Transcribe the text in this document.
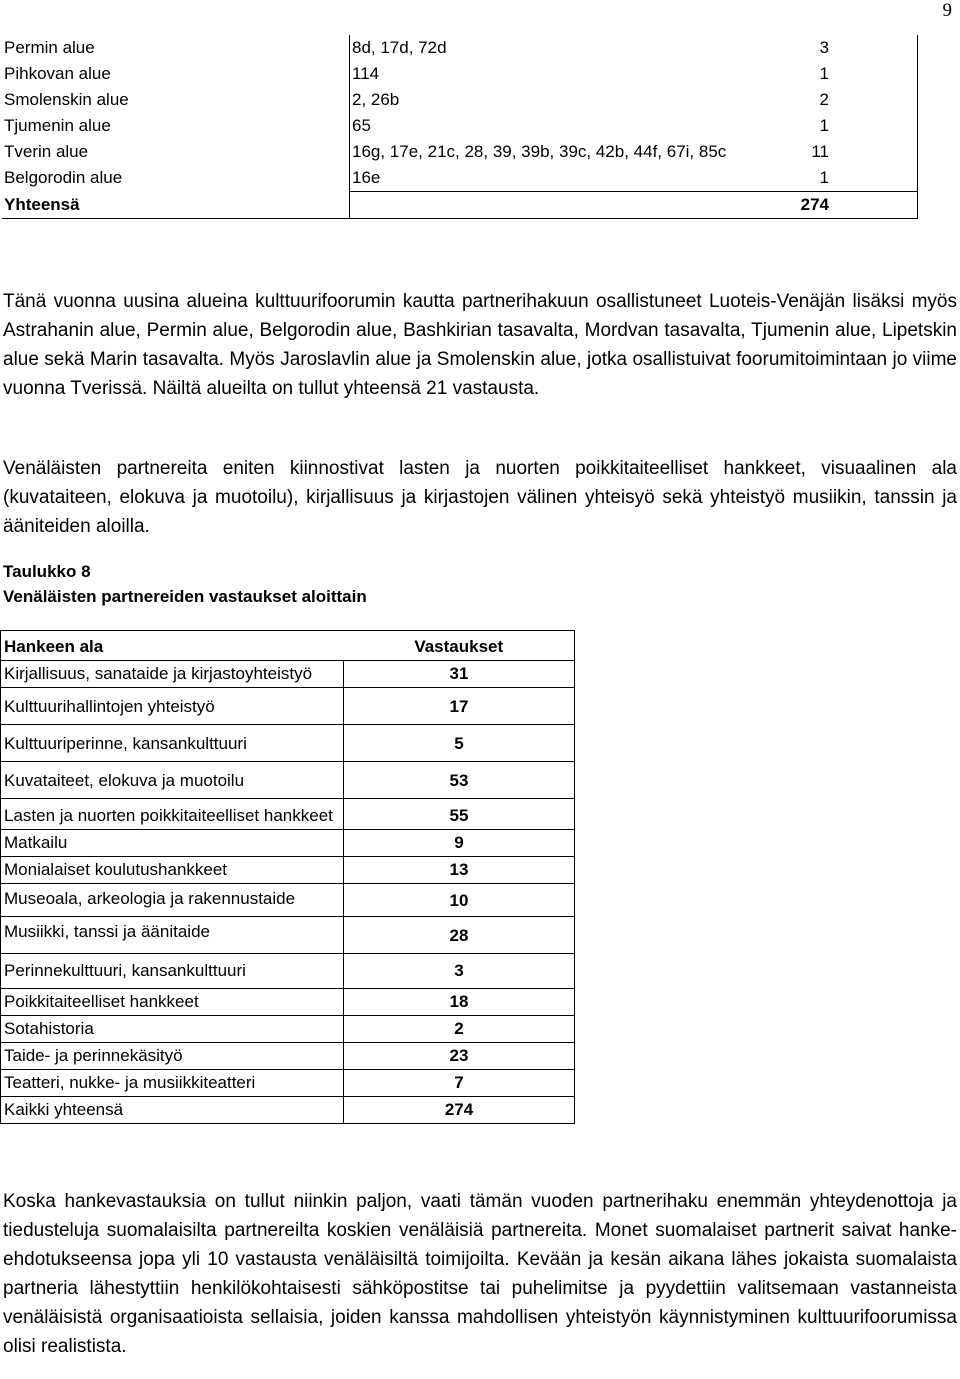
9
Permin alue	8d, 17d, 72d	3
Pihkovan alue	114	1
Smolenskin alue	2, 26b	2
Tjumenin alue	65	1
Tverin alue	16g, 17e, 21c, 28, 39, 39b, 39c, 42b, 44f, 67i, 85c	11
Belgorodin alue	16e	1
Yhteensä		274
Tänä vuonna uusina alueina kulttuurifoorumin kautta partnerihakuun osallistuneet Luoteis-Venäjän lisäksi myös Astrahanin alue, Permin alue, Belgorodin alue, Bashkirian tasavalta, Mordvan tasavalta, Tjumenin alue, Lipetskin alue sekä Marin tasavalta. Myös Jaroslavlin alue ja Smolenskin alue, jotka osallistuivat foorumitoimintaan jo viime vuonna Tverissä. Näiltä alueilta on tullut yhteensä 21 vastausta.
Venäläisten partnereita eniten kiinnostivat lasten ja nuorten poikkitaiteelliset hankkeet, visuaalinen ala (kuvataiteen, elokuva ja muotoilu), kirjallisuus ja kirjastojen välinen yhteisyö sekä yhteistyö musiikin, tanssin ja ääniteiden aloilla.
Taulukko 8
Venäläisten partnereiden vastaukset aloittain
Hankeen ala	Vastaukset
Kirjallisuus, sanataide ja kirjastoyhteistyö	31
Kulttuurihallintojen yhteistyö	17
Kulttuuriperinne, kansankulttuuri	5
Kuvataiteet, elokuva ja muotoilu	53
Lasten ja nuorten poikkitaiteelliset hankkeet	55
Matkailu	9
Monialaiset koulutushankkeet	13
Museoala, arkeologia ja rakennustaide	10
Musiikki, tanssi ja äänitaide	28
Perinnekulttuuri, kansankulttuuri	3
Poikkitaiteelliset hankkeet	18
Sotahistoria	2
Taide- ja perinnekäsityö	23
Teatteri, nukke- ja musiikkiteatteri	7
Kaikki yhteensä	274
Koska hankevastauksia on tullut niinkin paljon, vaati tämän vuoden partnerihaku enemmän yhteydenottoja ja tiedusteluja suomalaisilta partnereilta koskien venäläisiä partnereita. Monet suomalaiset partnerit saivat hanke-ehdotukseensa jopa yli 10 vastausta venäläisiltä toimijoilta. Kevään ja kesän aikana lähes jokaista suomalaista partneria lähestyttiin henkilökohtaisesti sähköpostitse tai puhelimitse ja pyydettiin valitsemaan vastanneista venäläisistä organisaatioista sellaisia, joiden kanssa mahdollisen yhteistyön käynnistyminen kulttuurifoorumissa olisi realistista.
